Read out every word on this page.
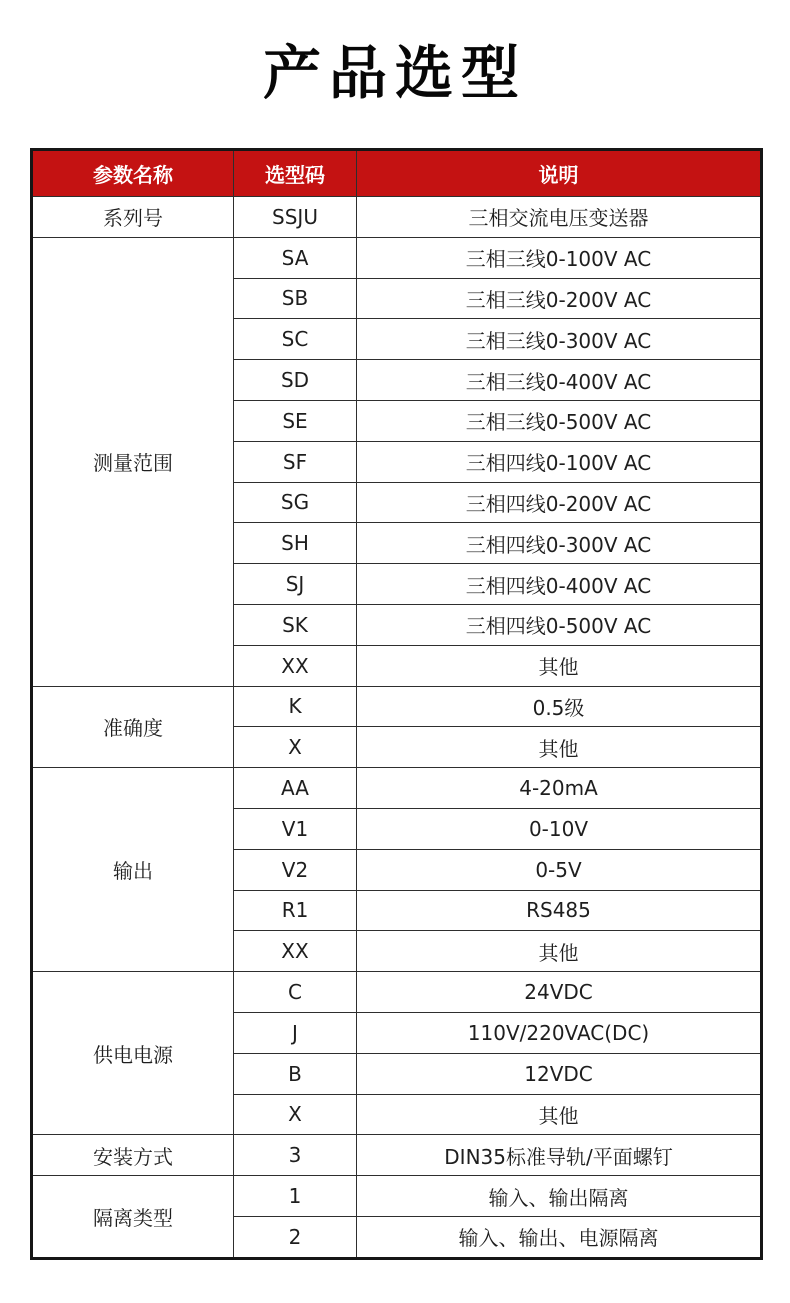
产品选型
参数名称	选型码	说明
系列号	SSJU	三相交流电压变送器
测量范围	SA	三相三线0-100V AC
	SB	三相三线0-200V AC
	SC	三相三线0-300V AC
	SD	三相三线0-400V AC
	SE	三相三线0-500V AC
	SF	三相四线0-100V AC
	SG	三相四线0-200V AC
	SH	三相四线0-300V AC
	SJ	三相四线0-400V AC
	SK	三相四线0-500V AC
	XX	其他
准确度	K	0.5级
	X	其他
输出	AA	4-20mA
	V1	0-10V
	V2	0-5V
	R1	RS485
	XX	其他
供电电源	C	24VDC
	J	110V/220VAC(DC)
	B	12VDC
	X	其他
安装方式	3	DIN35标准导轨/平面螺钉
隔离类型	1	输入、输出隔离
	2	输入、输出、电源隔离
